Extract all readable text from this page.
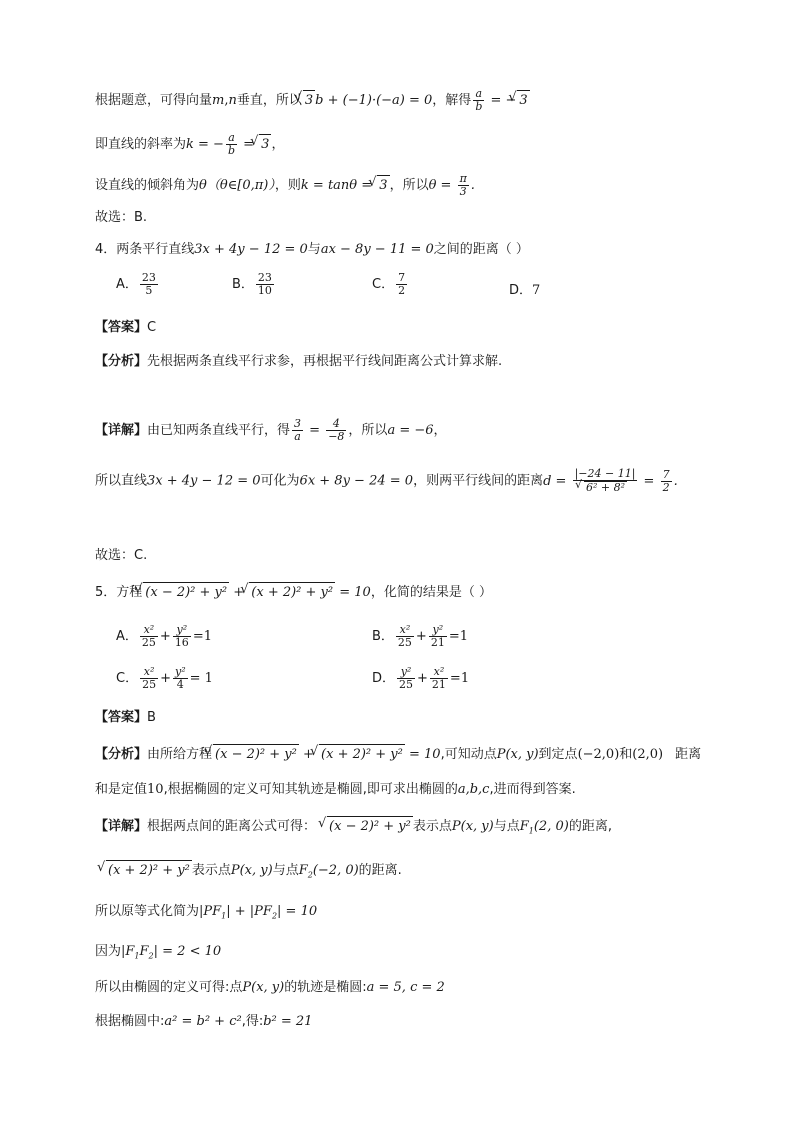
根据题意，可得向量m,n垂直，所以 √ 3 b + (−1)·(−a) = 0，解得 $\frac{a}{b}$ = − √ 3
即直线的斜率为k = − $\frac{a}{b}$ = √ 3 ，
设直线的倾斜角为θ（θ∈[0,π)），则k = tanθ = √ 3 ，所以$\theta = \frac{\pi}{3}$ .
故选：B.
4．两条平行直线3x + 4y − 12 = 0与ax − 8y − 11 = 0之间的距离（ ）
A． $\frac{23}{5}$	B． $\frac{23}{10}$	C． $\frac{7}{2}$	D．7
【答案】C
【分析】先根据两条直线平行求参，再根据平行线间距离公式计算求解.
【详解】由已知两条直线平行，得 $\frac{3}{a} = \frac{4}{-8}$ ，所以a = −6，
所以直线3x + 4y − 12 = 0可化为6x + 8y − 24 = 0，则两平行线间的距离d = |−24 − 11|
√ $6^2 + 8^2 = \frac{7}{2}$ .
故选：C.
5．方程 √ (x − 2)² + y² + √ (x + 2)² + y² = 10，化简的结果是（ ）
A． $\frac{\text{x²}}{25} + \frac{\text{y²}}{16} =1$	B． $\frac{\text{x²}}{25} + \frac{\text{y²}}{21} =1$
C． $\frac{\text{x²}}{25} + \frac{\text{y²}}{4} = 1$	D． $\frac{\text{y²}}{25} + \frac{\text{x²}}{21} =1$
【答案】B
【分析】由所给方程 √ (x − 2)² + y² + √ (x + 2)² + y² = 10,可知动点P(x, y)到定点(−2,0)和(2,0) 距离
和是定值10,根据椭圆的定义可知其轨迹是椭圆,即可求出椭圆的a,b,c,进而得到答案.
【详解】根据两点间的距离公式可得： √ (x − 2)² + y² 表示点P(x, y)与点$F_1(2$, 0)的距离,
√ (x + 2)² + y² 表示点P(x, y)与点$F_2(-2$, 0)的距离.
所以原等式化简为$|PF_1| + |PF_2| = 10$
因为$|F_1F_2| = 2 < 10$
所以由椭圆的定义可得:点P(x, y)的轨迹是椭圆:a = 5, c = 2
根据椭圆中:a² = b² + c²,得:b² = 21
